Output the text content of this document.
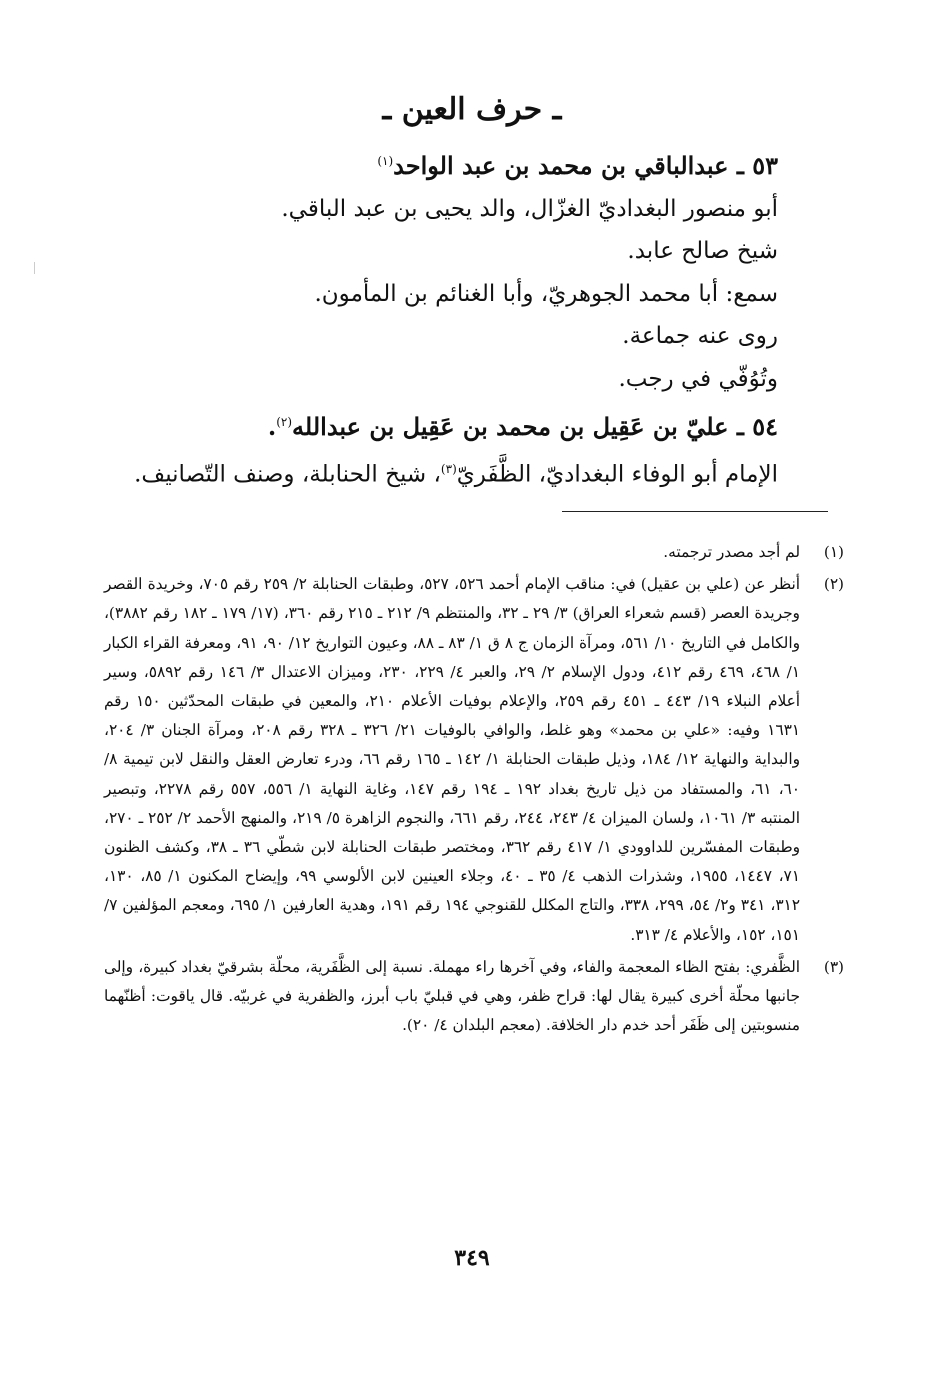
ـ حرف العين ـ
٥٣ ـ عبدالباقي بن محمد بن عبد الواحد$^{(١)}$
أبو منصور البغداديّ الغزّال، والد يحيى بن عبد الباقي.
شيخ صالح عابد.
سمع: أبا محمد الجوهريّ، وأبا الغنائم بن المأمون.
روى عنه جماعة.
وتُوُفّي في رجب.
٥٤ ـ عليّ بن عَقِيل بن محمد بن عَقِيل بن عبدالله$^{(٢)}$.
الإمام أبو الوفاء البغداديّ، الظَّفَريّ$^{(٣)}$، شيخ الحنابلة، وصنف التّصانيف.
(١)
لم أجد مصدر ترجمته.
(٢)
أنظر عن (علي بن عقيل) في: مناقب الإمام أحمد ٥٢٦، ٥٢٧، وطبقات الحنابلة ٢/ ٢٥٩ رقم ٧٠٥، وخريدة القصر وجريدة العصر (قسم شعراء العراق) ٣/ ٢٩ ـ ٣٢، والمنتظم ٩/ ٢١٢ ـ ٢١٥ رقم ٣٦٠، (١٧/ ١٧٩ ـ ١٨٢ رقم ٣٨٨٢)، والكامل في التاريخ ١٠/ ٥٦١، ومرآة الزمان ج ٨ ق ١/ ٨٣ ـ ٨٨، وعيون التواريخ ١٢/ ٩٠، ٩١، ومعرفة القراء الكبار ١/ ٤٦٨، ٤٦٩ رقم ٤١٢، ودول الإسلام ٢/ ٢٩، والعبر ٤/ ٢٢٩، ٢٣٠، وميزان الاعتدال ٣/ ١٤٦ رقم ٥٨٩٢، وسير أعلام النبلاء ١٩/ ٤٤٣ ـ ٤٥١ رقم ٢٥٩، والإعلام بوفيات الأعلام ٢١٠، والمعين في طبقات المحدّثين ١٥٠ رقم ١٦٣١ وفيه: «علي بن محمد» وهو غلط، والوافي بالوفيات ٢١/ ٣٢٦ ـ ٣٢٨ رقم ٢٠٨، ومرآة الجنان ٣/ ٢٠٤، والبداية والنهاية ١٢/ ١٨٤، وذيل طبقات الحنابلة ١/ ١٤٢ ـ ١٦٥ رقم ٦٦، ودرء تعارض العقل والنقل لابن تيمية ٨/ ٦٠، ٦١، والمستفاد من ذيل تاريخ بغداد ١٩٢ ـ ١٩٤ رقم ١٤٧، وغاية النهاية ١/ ٥٥٦، ٥٥٧ رقم ٢٢٧٨، وتبصير المنتبه ٣/ ١٠٦١، ولسان الميزان ٤/ ٢٤٣، ٢٤٤، رقم ٦٦١، والنجوم الزاهرة ٥/ ٢١٩، والمنهج الأحمد ٢/ ٢٥٢ ـ ٢٧٠، وطبقات المفسّرين للداوودي ١/ ٤١٧ رقم ٣٦٢، ومختصر طبقات الحنابلة لابن شطّي ٣٦ ـ ٣٨، وكشف الظنون ٧١، ١٤٤٧، ١٩٥٥، وشذرات الذهب ٤/ ٣٥ ـ ٤٠، وجلاء العينين لابن الألوسي ٩٩، وإيضاح المكنون ١/ ٨٥، ١٣٠، ٣١٢، ٣٤١ و٢/ ٥٤، ٢٩٩، ٣٣٨، والتاج المكلل للقنوجي ١٩٤ رقم ١٩١، وهدية العارفين ١/ ٦٩٥، ومعجم المؤلفين ٧/ ١٥١، ١٥٢، والأعلام ٤/ ٣١٣.
(٣)
الظَّفري: بفتح الظاء المعجمة والفاء، وفي آخرها راء مهملة. نسبة إلى الظَّفَرية، محلّة بشرقيّ بغداد كبيرة، وإلى جانبها محلّة أخرى كبيرة يقال لها: قراح ظفر، وهي في قبليّ باب أبرز، والظفرية في غربيّه. قال ياقوت: أظنّهما منسوبتين إلى ظَفَر أحد خدم دار الخلافة. (معجم البلدان ٤/ ٢٠).
٣٤٩
